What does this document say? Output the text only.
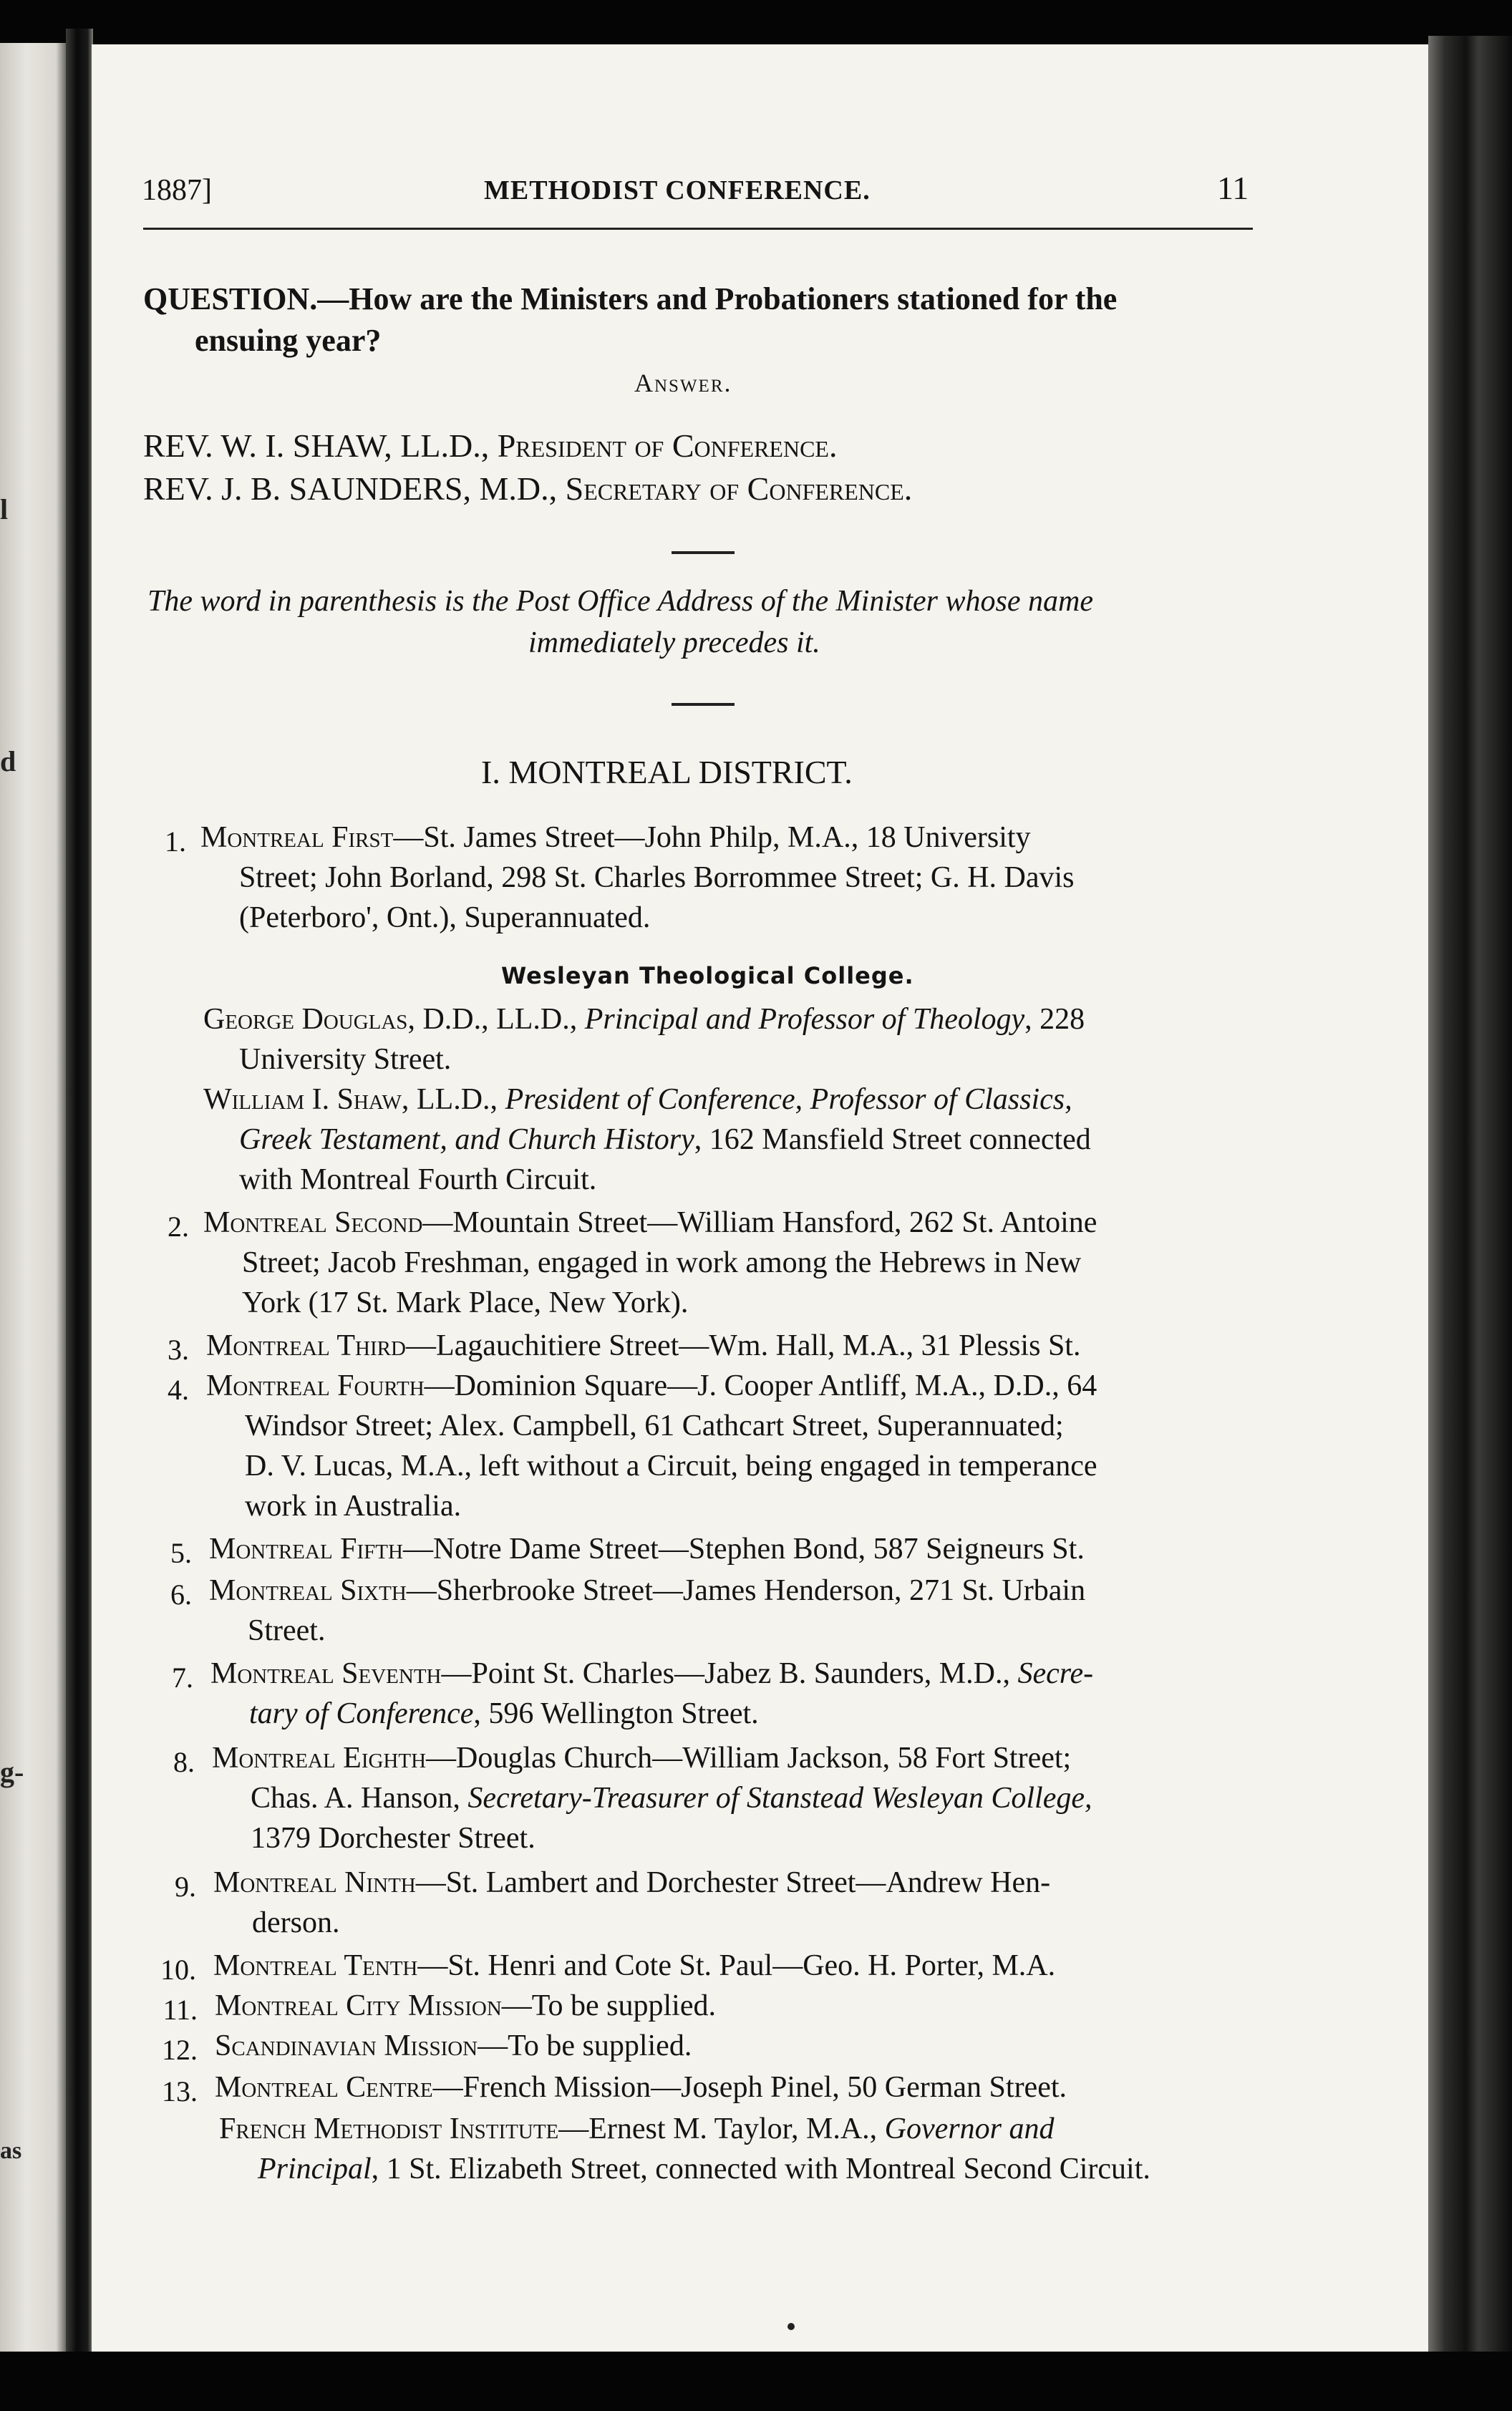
l
d
g-
as
1887]	METHODIST CONFERENCE.	11
QUESTION.—How are the Ministers and Probationers stationed for the
ensuing year?
Answer.
REV. W. I. SHAW, LL.D., President of Conference.
REV. J. B. SAUNDERS, M.D., Secretary of Conference.
The word in parenthesis is the Post Office Address of the Minister whose name
immediately precedes it.
I. MONTREAL DISTRICT.
1. Montreal First—St. James Street—John Philp, M.A., 18 University
Street; John Borland, 298 St. Charles Borrommee Street; G. H. Davis
(Peterboro', Ont.), Superannuated.
Wesleyan Theological College.
George Douglas, D.D., LL.D., Principal and Professor of Theology, 228
University Street.
William I. Shaw, LL.D., President of Conference, Professor of Classics,
Greek Testament, and Church History, 162 Mansfield Street connected
with Montreal Fourth Circuit.
2. Montreal Second—Mountain Street—William Hansford, 262 St. Antoine
Street; Jacob Freshman, engaged in work among the Hebrews in New
York (17 St. Mark Place, New York).
3. Montreal Third—Lagauchitiere Street—Wm. Hall, M.A., 31 Plessis St.
4. Montreal Fourth—Dominion Square—J. Cooper Antliff, M.A., D.D., 64
Windsor Street; Alex. Campbell, 61 Cathcart Street, Superannuated;
D. V. Lucas, M.A., left without a Circuit, being engaged in temperance
work in Australia.
5. Montreal Fifth—Notre Dame Street—Stephen Bond, 587 Seigneurs St.
6. Montreal Sixth—Sherbrooke Street—James Henderson, 271 St. Urbain
Street.
7. Montreal Seventh—Point St. Charles—Jabez B. Saunders, M.D., Secre-
tary of Conference, 596 Wellington Street.
8. Montreal Eighth—Douglas Church—William Jackson, 58 Fort Street;
Chas. A. Hanson, Secretary-Treasurer of Stanstead Wesleyan College,
1379 Dorchester Street.
9. Montreal Ninth—St. Lambert and Dorchester Street—Andrew Hen-
derson.
10. Montreal Tenth—St. Henri and Cote St. Paul—Geo. H. Porter, M.A.
11. Montreal City Mission—To be supplied.
12. Scandinavian Mission—To be supplied.
13. Montreal Centre—French Mission—Joseph Pinel, 50 German Street.
French Methodist Institute—Ernest M. Taylor, M.A., Governor and
Principal, 1 St. Elizabeth Street, connected with Montreal Second Circuit.
